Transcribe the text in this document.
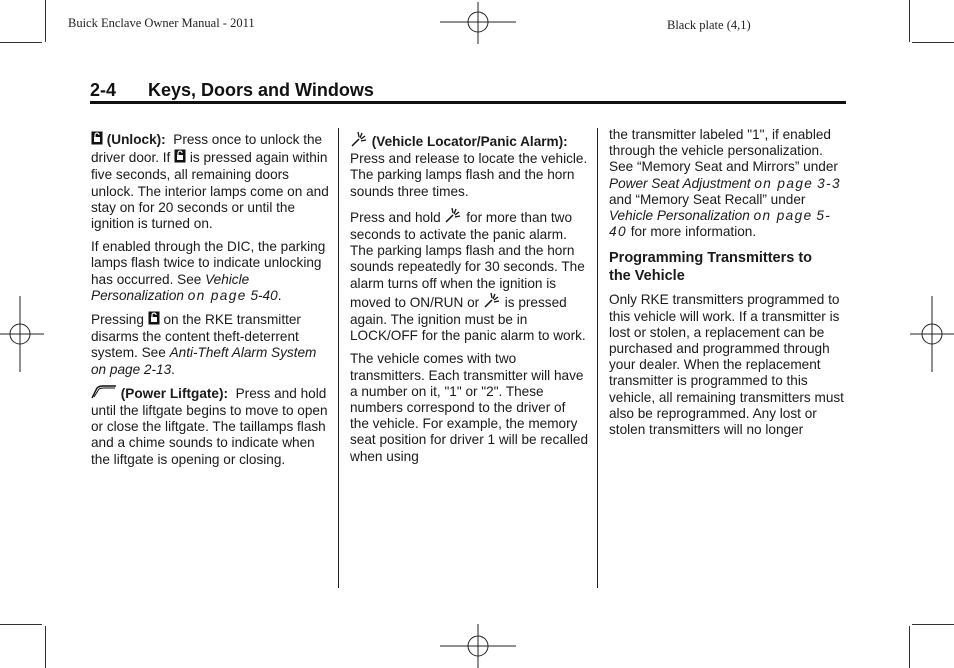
Buick Enclave Owner Manual - 2011	Black plate (4,1)
2-4 Keys, Doors and Windows

(Unlock): Press once to unlock the driver door. If is pressed again within five seconds, all remaining doors unlock. The interior lamps come on and stay on for 20 seconds or until the ignition is turned on.

If enabled through the DIC, the parking lamps flash twice to indicate unlocking has occurred. See Vehicle Personalization on page 5-40.

Pressing on the RKE transmitter disarms the content theft-deterrent system. See Anti-Theft Alarm System on page 2-13.

(Power Liftgate): Press and hold until the liftgate begins to move to open or close the liftgate. The taillamps flash and a chime sounds to indicate when the liftgate is opening or closing.

(Vehicle Locator/Panic Alarm):  Press and release to locate the vehicle. The parking lamps flash and the horn sounds three times.

Press and hold for more than two seconds to activate the panic alarm. The parking lamps flash and the horn sounds repeatedly for 30 seconds. The alarm turns off when the ignition is moved to ON/RUN or is pressed again. The ignition must be in LOCK/OFF for the panic alarm to work.

The vehicle comes with two transmitters. Each transmitter will have a number on it, "1" or "2". These numbers correspond to the driver of the vehicle. For example, the memory seat position for driver 1 will be recalled when using

the transmitter labeled "1", if enabled through the vehicle personalization. See “Memory Seat and Mirrors” under Power Seat Adjustment on page 3-3 and “Memory Seat Recall” under Vehicle Personalization on page 5-40 for more information.

Programming Transmitters to the Vehicle

Only RKE transmitters programmed to this vehicle will work. If a transmitter is lost or stolen, a replacement can be purchased and programmed through your dealer. When the replacement transmitter is programmed to this vehicle, all remaining transmitters must also be reprogrammed. Any lost or stolen transmitters will no longer
